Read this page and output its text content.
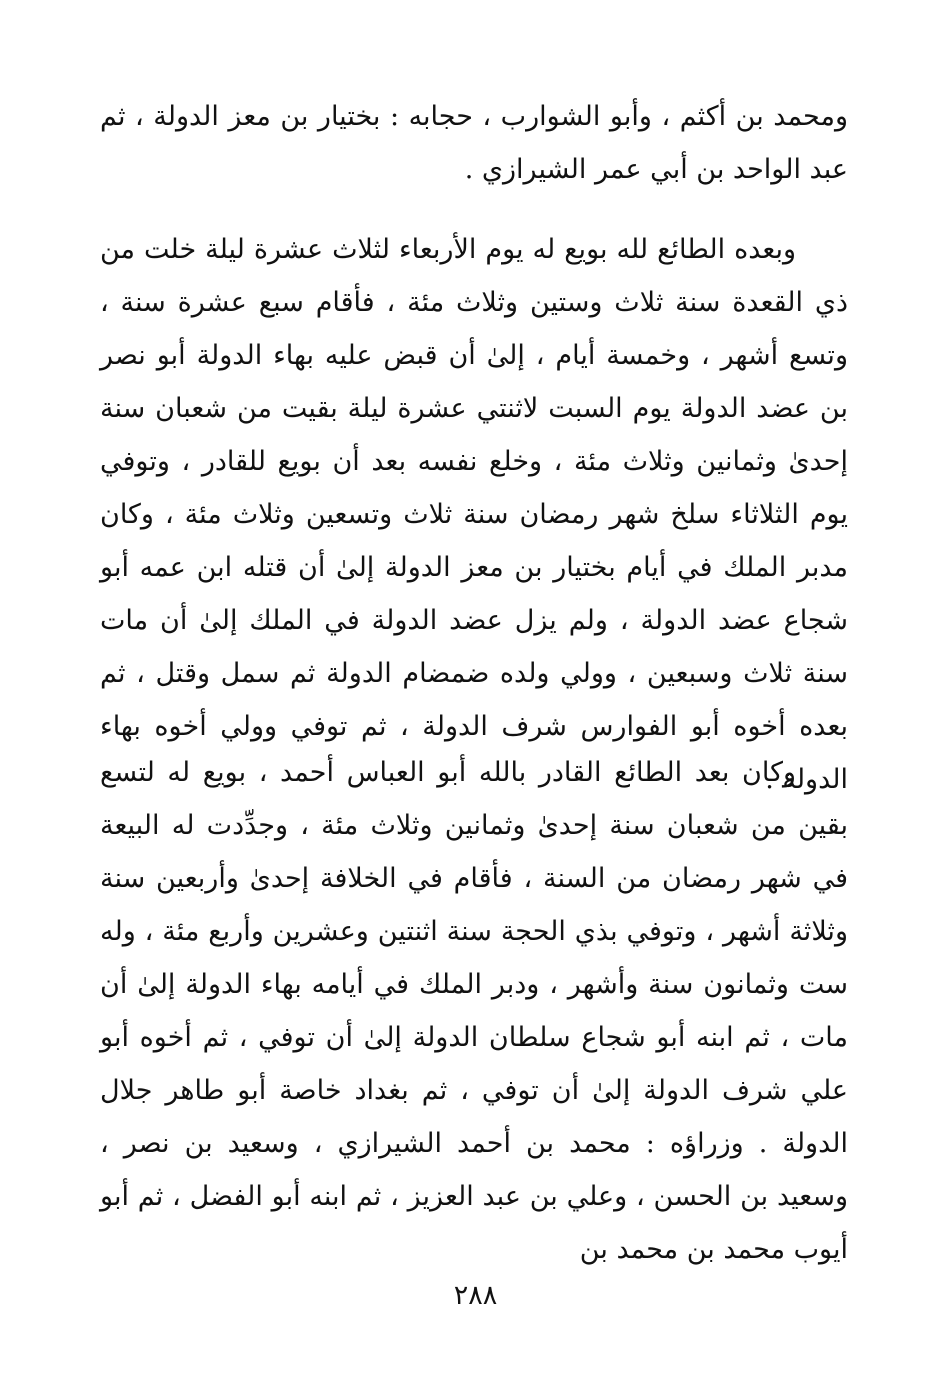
ومحمد بن أكثم ، وأبو الشوارب ، حجابه : بختيار بن معز الدولة ، ثم عبد الواحد بن أبي عمر الشيرازي .

وبعده الطائع لله بويع له يوم الأربعاء لثلاث عشرة ليلة خلت من ذي القعدة سنة ثلاث وستين وثلاث مئة ، فأقام سبع عشرة سنة ، وتسع أشهر ، وخمسة أيام ، إلىٰ أن قبض عليه بهاء الدولة أبو نصر بن عضد الدولة يوم السبت لاثنتي عشرة ليلة بقيت من شعبان سنة إحدىٰ وثمانين وثلاث مئة ، وخلع نفسه بعد أن بويع للقادر ، وتوفي يوم الثلاثاء سلخ شهر رمضان سنة ثلاث وتسعين وثلاث مئة ، وكان مدبر الملك في أيام بختيار بن معز الدولة إلىٰ أن قتله ابن عمه أبو شجاع عضد الدولة ، ولم يزل عضد الدولة في الملك إلىٰ أن مات سنة ثلاث وسبعين ، وولي ولده ضمضام الدولة ثم سمل وقتل ، ثم بعده أخوه أبو الفوارس شرف الدولة ، ثم توفي وولي أخوه بهاء الدولة .

وكان بعد الطائع القادر بالله أبو العباس أحمد ، بويع له لتسع بقين من شعبان سنة إحدىٰ وثمانين وثلاث مئة ، وجدِّدت له البيعة في شهر رمضان من السنة ، فأقام في الخلافة إحدىٰ وأربعين سنة وثلاثة أشهر ، وتوفي بذي الحجة سنة اثنتين وعشرين وأربع مئة ، وله ست وثمانون سنة وأشهر ، ودبر الملك في أيامه بهاء الدولة إلىٰ أن مات ، ثم ابنه أبو شجاع سلطان الدولة إلىٰ أن توفي ، ثم أخوه أبو علي شرف الدولة إلىٰ أن توفي ، ثم بغداد خاصة أبو طاهر جلال الدولة . وزراؤه : محمد بن أحمد الشيرازي ، وسعيد بن نصر ، وسعيد بن الحسن ، وعلي بن عبد العزيز ، ثم ابنه أبو الفضل ، ثم أبو أيوب محمد بن محمد بن

٢٨٨
